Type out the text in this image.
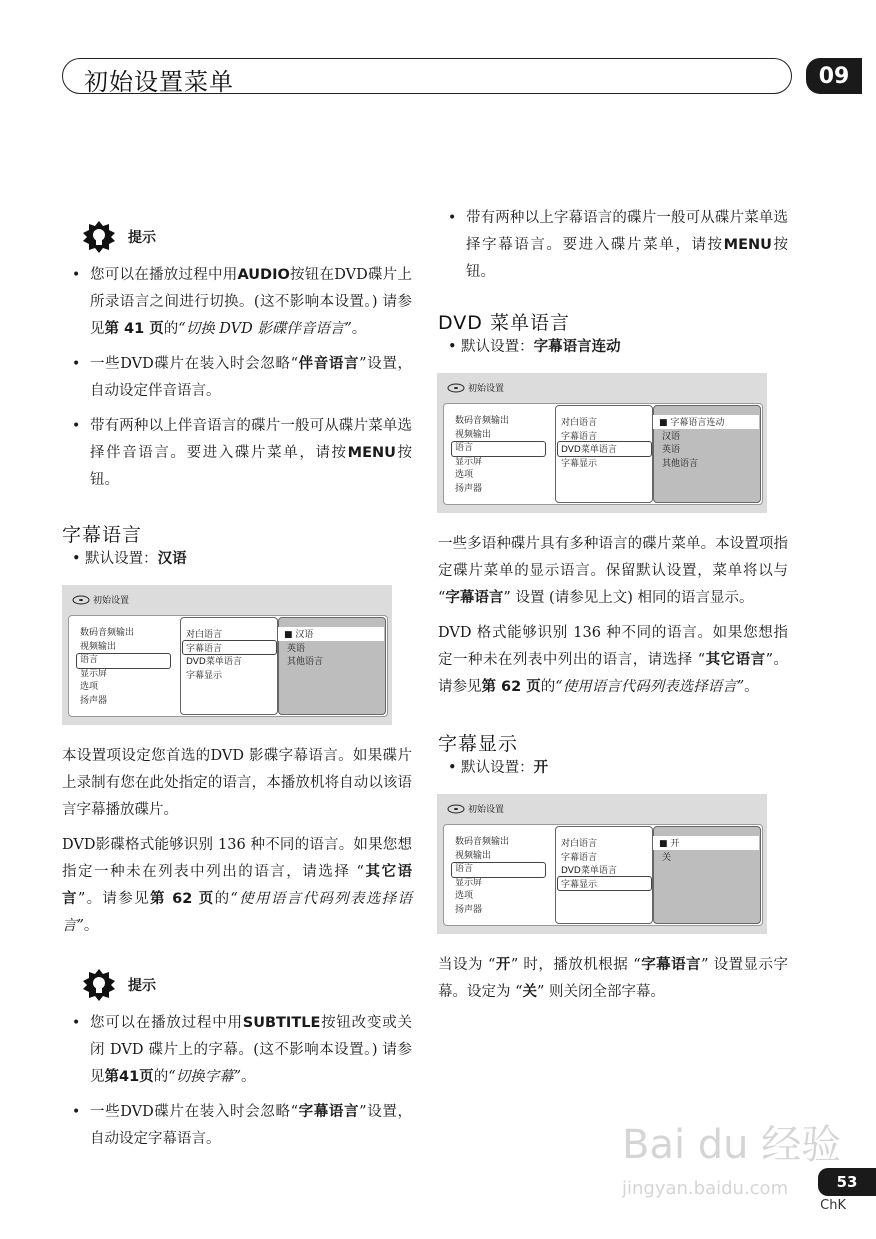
初始设置菜单	09
提示
• 您可以在播放过程中用AUDIO按钮在DVD碟片上所录语言之间进行切换。(这不影响本设置。) 请参见第 41 页的“切换 DVD 影碟伴音语言”。
• 一些DVD碟片在装入时会忽略“伴音语言”设置，自动设定伴音语言。
• 带有两种以上伴音语言的碟片一般可从碟片菜单选择伴音语言。要进入碟片菜单，请按MENU按钮。
字幕语言
• 默认设置：汉语
初始设置
数码音频输出
视频输出
语言
显示屏
选项
扬声器
对白语言
字幕语言
DVD菜单语言
字幕显示
■ 汉语
英语
其他语言

本设置项设定您首选的DVD 影碟字幕语言。如果碟片上录制有您在此处指定的语言，本播放机将自动以该语言字幕播放碟片。

DVD影碟格式能够识别 136 种不同的语言。如果您想指定一种未在列表中列出的语言，请选择 “其它语言”。请参见第 62 页的“使用语言代码列表选择语言”。

提示
• 您可以在播放过程中用SUBTITLE按钮改变或关闭 DVD 碟片上的字幕。(这不影响本设置。) 请参见第41页的“切换字幕”。
• 一些DVD碟片在装入时会忽略“字幕语言”设置，自动设定字幕语言。
• 带有两种以上字幕语言的碟片一般可从碟片菜单选择字幕语言。要进入碟片菜单，请按MENU按钮。
DVD 菜单语言
• 默认设置：字幕语言连动
初始设置
数码音频输出
视频输出
语言
显示屏
选项
扬声器
对白语言
字幕语言
DVD菜单语言
字幕显示
■ 字幕语言连动
汉语
英语
其他语言

一些多语种碟片具有多种语言的碟片菜单。本设置项指定碟片菜单的显示语言。保留默认设置，菜单将以与 “字幕语言” 设置 (请参见上文) 相同的语言显示。

DVD 格式能够识别 136 种不同的语言。如果您想指定一种未在列表中列出的语言，请选择 “其它语言”。请参见第 62 页的“使用语言代码列表选择语言”。

字幕显示
• 默认设置：开
初始设置
数码音频输出
视频输出
语言
显示屏
选项
扬声器
对白语言
字幕语言
DVD菜单语言
字幕显示
■ 开
关

当设为 “开” 时，播放机根据 “字幕语言” 设置显示字幕。设定为 “关” 则关闭全部字幕。

Bai du 经验
jingyan.baidu.com	53
ChK
